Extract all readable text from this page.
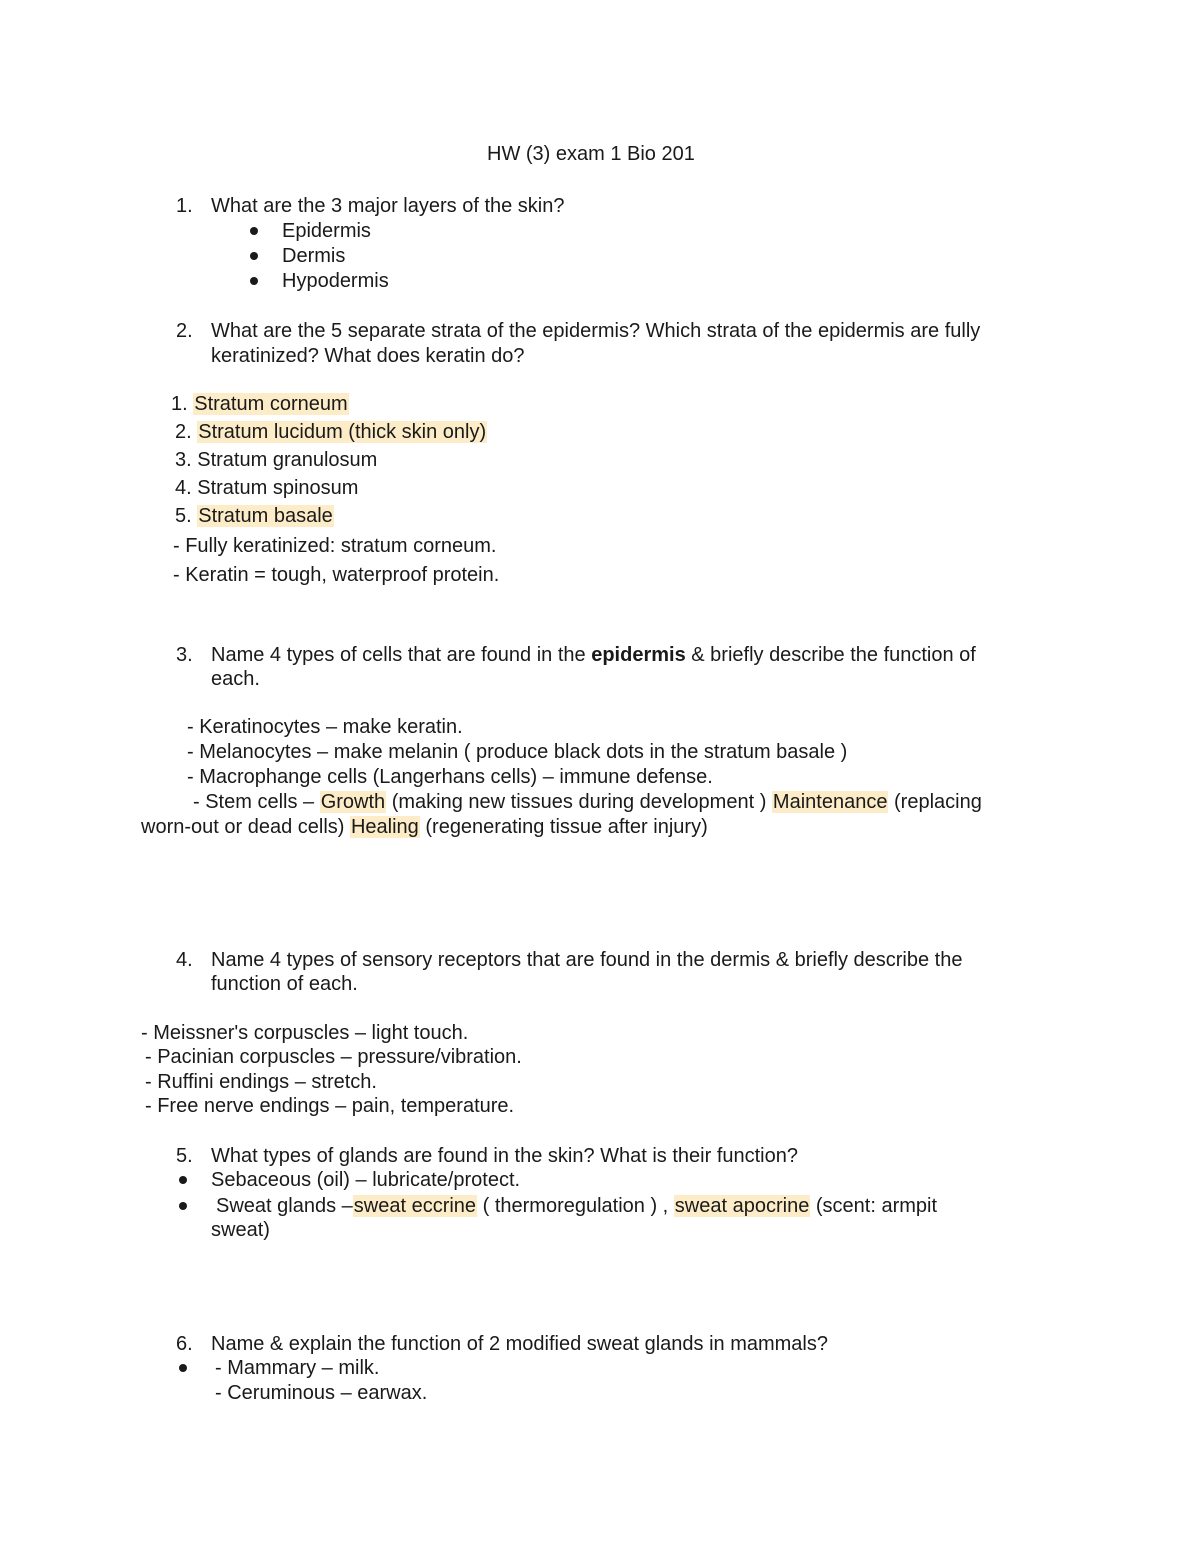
HW (3) exam 1 Bio 201
1. What are the 3 major layers of the skin?
Epidermis
Dermis
Hypodermis
2. What are the 5 separate strata of the epidermis? Which strata of the epidermis are fully
keratinized? What does keratin do?
1. Stratum corneum
2. Stratum lucidum (thick skin only)
3. Stratum granulosum
4. Stratum spinosum
5. Stratum basale
- Fully keratinized: stratum corneum.
- Keratin = tough, waterproof protein.
3. Name 4 types of cells that are found in the epidermis & briefly describe the function of
each.
- Keratinocytes – make keratin.
- Melanocytes – make melanin ( produce black dots in the stratum basale )
- Macrophange cells (Langerhans cells) – immune defense.
- Stem cells – Growth (making new tissues during development ) Maintenance (replacing
worn-out or dead cells) Healing (regenerating tissue after injury)
4. Name 4 types of sensory receptors that are found in the dermis & briefly describe the
function of each.
- Meissner's corpuscles – light touch.
- Pacinian corpuscles – pressure/vibration.
- Ruffini endings – stretch.
- Free nerve endings – pain, temperature.
5. What types of glands are found in the skin? What is their function?
Sebaceous (oil) – lubricate/protect.
Sweat glands –sweat eccrine ( thermoregulation ) , sweat apocrine (scent: armpit
sweat)
6. Name & explain the function of 2 modified sweat glands in mammals?
- Mammary – milk.
- Ceruminous – earwax.
